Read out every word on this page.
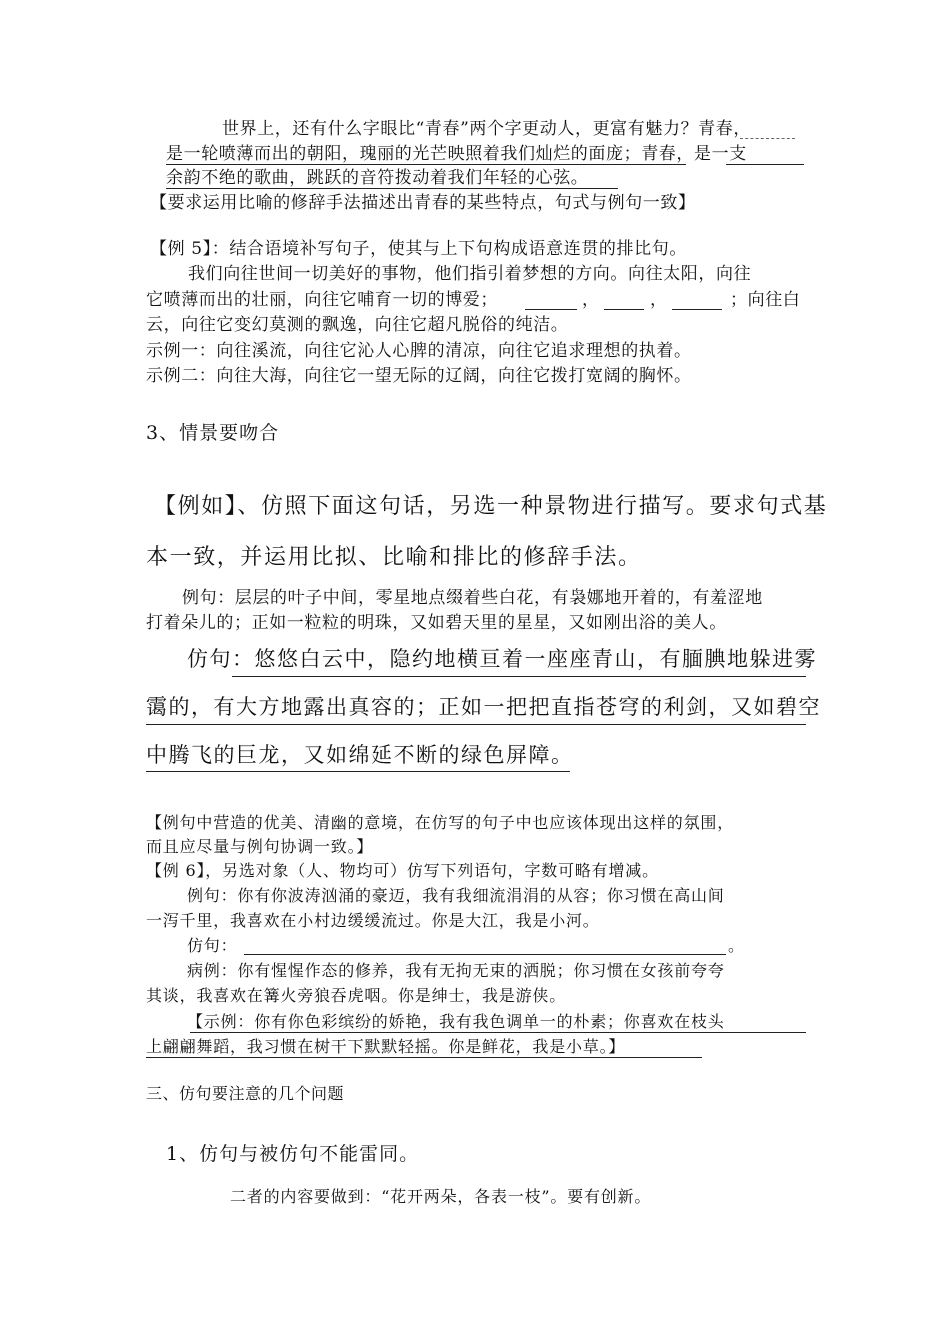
世界上，还有什么字眼比“青春”两个字更动人，更富有魅力？青春，
是一轮喷薄而出的朝阳，瑰丽的光芒映照着我们灿烂的面庞；青春，是一支
余韵不绝的歌曲，跳跃的音符拨动着我们年轻的心弦。
【要求运用比喻的修辞手法描述出青春的某些特点，句式与例句一致】
【例 5】：结合语境补写句子，使其与上下句构成语意连贯的排比句。
我们向往世间一切美好的事物，他们指引着梦想的方向。向往太阳，向往
它喷薄而出的壮丽，向往它哺育一切的博爱；	，	，	；向往白
云，向往它变幻莫测的飘逸，向往它超凡脱俗的纯洁。
示例一：向往溪流，向往它沁人心脾的清凉，向往它追求理想的执着。
示例二：向往大海，向往它一望无际的辽阔，向往它拨打宽阔的胸怀。
3、情景要吻合
【例如】、仿照下面这句话，另选一种景物进行描写。要求句式基
本一致，并运用比拟、比喻和排比的修辞手法。
例句：层层的叶子中间，零星地点缀着些白花，有袅娜地开着的，有羞涩地
打着朵儿的；正如一粒粒的明珠，又如碧天里的星星，又如刚出浴的美人。
仿句：悠悠白云中，隐约地横亘着一座座青山，有腼腆地躲进雾
霭的，有大方地露出真容的；正如一把把直指苍穹的利剑，又如碧空
中腾飞的巨龙，又如绵延不断的绿色屏障。
【例句中营造的优美、清幽的意境，在仿写的句子中也应该体现出这样的氛围，
而且应尽量与例句协调一致。】
【例 6】，另选对象（人、物均可）仿写下列语句，字数可略有增减。
例句：你有你波涛汹涌的豪迈，我有我细流涓涓的从容；你习惯在高山间
一泻千里，我喜欢在小村边缓缓流过。你是大江，我是小河。
仿句：	。
病例：你有惺惺作态的修养，我有无拘无束的洒脱；你习惯在女孩前夸夸
其谈，我喜欢在篝火旁狼吞虎咽。你是绅士，我是游侠。
【示例：你有你色彩缤纷的娇艳，我有我色调单一的朴素；你喜欢在枝头
上翩翩舞蹈，我习惯在树干下默默轻摇。你是鲜花，我是小草。】
三、仿句要注意的几个问题
1、仿句与被仿句不能雷同。
二者的内容要做到：“花开两朵，各表一枝”。要有创新。
